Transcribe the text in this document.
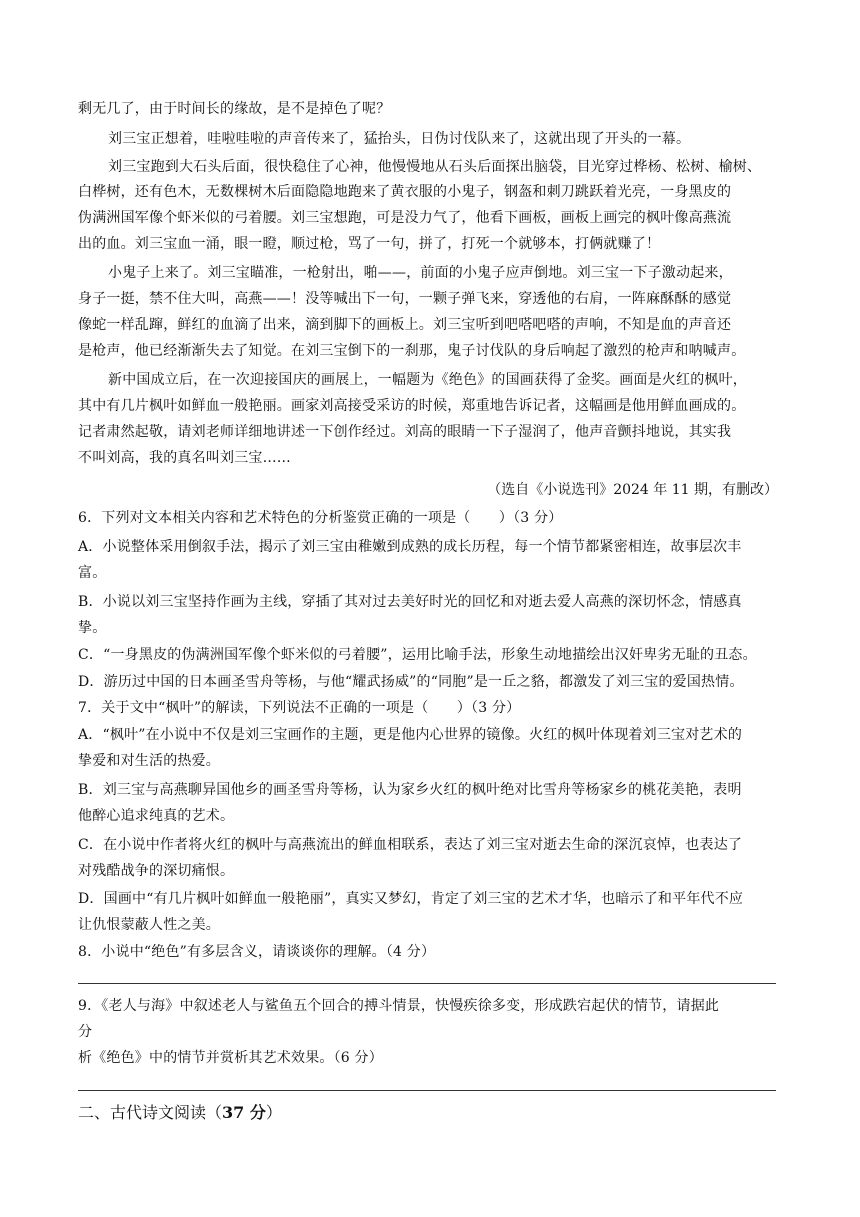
剩无几了，由于时间长的缘故，是不是掉色了呢？
刘三宝正想着，哇啦哇啦的声音传来了，猛抬头，日伪讨伐队来了，这就出现了开头的一幕。
刘三宝跑到大石头后面，很快稳住了心神，他慢慢地从石头后面探出脑袋，目光穿过桦杨、松树、榆树、
白桦树，还有色木，无数棵树木后面隐隐地跑来了黄衣服的小鬼子，钢盔和刺刀跳跃着光亮，一身黑皮的
伪满洲国军像个虾米似的弓着腰。刘三宝想跑，可是没力气了，他看下画板，画板上画完的枫叶像高燕流
出的血。刘三宝血一涌，眼一瞪，顺过枪，骂了一句，拼了，打死一个就够本，打俩就赚了！
小鬼子上来了。刘三宝瞄准，一枪射出，啪——，前面的小鬼子应声倒地。刘三宝一下子激动起来，
身子一挺，禁不住大叫，高燕——！没等喊出下一句，一颗子弹飞来，穿透他的右肩，一阵麻酥酥的感觉
像蛇一样乱蹿，鲜红的血滴了出来，滴到脚下的画板上。刘三宝听到吧嗒吧嗒的声响，不知是血的声音还
是枪声，他已经渐渐失去了知觉。在刘三宝倒下的一刹那，鬼子讨伐队的身后响起了激烈的枪声和呐喊声。
新中国成立后，在一次迎接国庆的画展上，一幅题为《绝色》的国画获得了金奖。画面是火红的枫叶，
其中有几片枫叶如鲜血一般艳丽。画家刘高接受采访的时候，郑重地告诉记者，这幅画是他用鲜血画成的。
记者肃然起敬，请刘老师详细地讲述一下创作经过。刘高的眼睛一下子湿润了，他声音颤抖地说，其实我
不叫刘高，我的真名叫刘三宝……
（选自《小说选刊》2024 年 11 期，有删改）
6．下列对文本相关内容和艺术特色的分析鉴赏正确的一项是（　　）（3 分）
A．小说整体采用倒叙手法，揭示了刘三宝由稚嫩到成熟的成长历程，每一个情节都紧密相连，故事层次丰
富。
B．小说以刘三宝坚持作画为主线，穿插了其对过去美好时光的回忆和对逝去爱人高燕的深切怀念，情感真
挚。
C．“一身黑皮的伪满洲国军像个虾米似的弓着腰”，运用比喻手法，形象生动地描绘出汉奸卑劣无耻的丑态。
D．游历过中国的日本画圣雪舟等杨，与他“耀武扬威”的“同胞”是一丘之貉，都激发了刘三宝的爱国热情。
7．关于文中“枫叶”的解读，下列说法不正确的一项是（　　）（3 分）
A．“枫叶”在小说中不仅是刘三宝画作的主题，更是他内心世界的镜像。火红的枫叶体现着刘三宝对艺术的
挚爱和对生活的热爱。
B．刘三宝与高燕聊异国他乡的画圣雪舟等杨，认为家乡火红的枫叶绝对比雪舟等杨家乡的桃花美艳，表明
他醉心追求纯真的艺术。
C．在小说中作者将火红的枫叶与高燕流出的鲜血相联系，表达了刘三宝对逝去生命的深沉哀悼，也表达了
对残酷战争的深切痛恨。
D．国画中“有几片枫叶如鲜血一般艳丽”，真实又梦幻，肯定了刘三宝的艺术才华，也暗示了和平年代不应
让仇恨蒙蔽人性之美。
8．小说中“绝色”有多层含义，请谈谈你的理解。（4 分）
9．《老人与海》中叙述老人与鲨鱼五个回合的搏斗情景，快慢疾徐多变，形成跌宕起伏的情节，请据此
分
析《绝色》中的情节并赏析其艺术效果。（6 分）
二、古代诗文阅读（37 分）
